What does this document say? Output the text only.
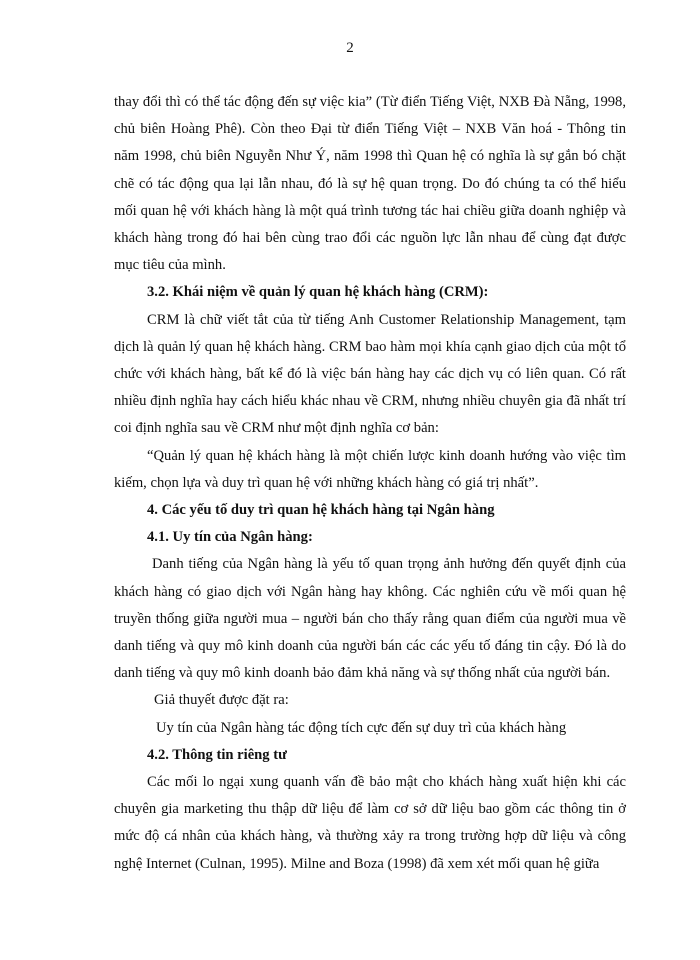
2

thay đổi thì có thể tác động đến sự việc kia” (Từ điển Tiếng Việt, NXB Đà Nẵng, 1998, chủ biên Hoàng Phê). Còn theo Đại từ điển Tiếng Việt – NXB Văn hoá - Thông tin năm 1998, chủ biên Nguyễn Như Ý, năm 1998 thì Quan hệ có nghĩa là sự gắn bó chặt chẽ có tác động qua lại lẫn nhau, đó là sự hệ quan trọng. Do đó chúng ta có thể hiểu mối quan hệ với khách hàng là một quá trình tương tác hai chiều giữa doanh nghiệp và khách hàng trong đó hai bên cùng trao đổi các nguồn lực lẫn nhau để cùng đạt được mục tiêu của mình.

3.2. Khái niệm về quản lý quan hệ khách hàng (CRM):

CRM là chữ viết tắt của từ tiếng Anh Customer Relationship Management, tạm dịch là quản lý quan hệ khách hàng. CRM bao hàm mọi khía cạnh giao dịch của một tổ chức với khách hàng, bất kể đó là việc bán hàng hay các dịch vụ có liên quan. Có rất nhiều định nghĩa hay cách hiểu khác nhau về CRM, nhưng nhiều chuyên gia đã nhất trí coi định nghĩa sau về CRM như một định nghĩa cơ bản:

“Quản lý quan hệ khách hàng là một chiến lược kinh doanh hướng vào việc tìm kiếm, chọn lựa và duy trì quan hệ với những khách hàng có giá trị nhất”.

4. Các yếu tố duy trì quan hệ khách hàng tại Ngân hàng

4.1. Uy tín của Ngân hàng:

Danh tiếng của Ngân hàng là yếu tố quan trọng ảnh hưởng đến quyết định của khách hàng có giao dịch với Ngân hàng hay không. Các nghiên cứu về mối quan hệ truyền thống giữa người mua – người bán cho thấy rằng quan điểm của người mua về danh tiếng và quy mô kinh doanh của người bán các các yếu tố đáng tin cậy. Đó là do danh tiếng và quy mô kinh doanh bảo đảm khả năng và sự thống nhất của người bán.

Giả thuyết được đặt ra:

Uy tín của Ngân hàng tác động tích cực đến sự duy trì của khách hàng

4.2. Thông tin riêng tư

Các mối lo ngại xung quanh vấn đề bảo mật cho khách hàng xuất hiện khi các chuyên gia marketing thu thập dữ liệu để làm cơ sở dữ liệu bao gồm các thông tin ở mức độ cá nhân của khách hàng, và thường xảy ra trong trường hợp dữ liệu và công nghệ Internet (Culnan, 1995). Milne and Boza (1998) đã xem xét mối quan hệ giữa
